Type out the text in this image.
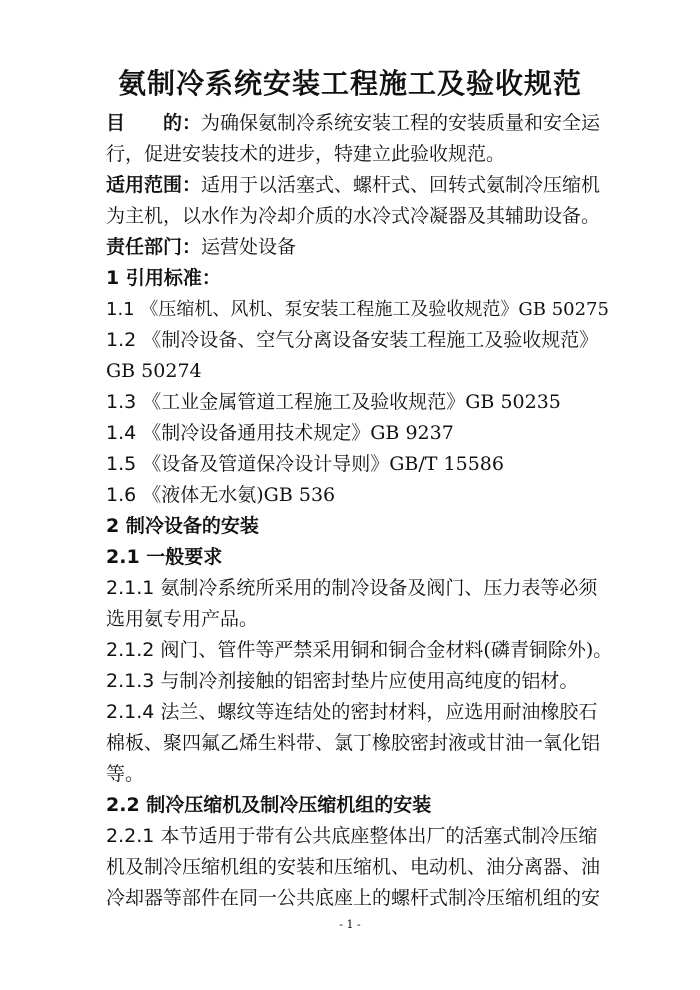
氨制冷系统安装工程施工及验收规范
目　　的：为确保氨制冷系统安装工程的安装质量和安全运
行，促进安装技术的进步，特建立此验收规范。
适用范围：适用于以活塞式、螺杆式、回转式氨制冷压缩机
为主机，以水作为冷却介质的水冷式冷凝器及其辅助设备。
责任部门：运营处设备
1 引用标准：
1.1 《压缩机、风机、泵安装工程施工及验收规范》GB 50275
1.2 《制冷设备、空气分离设备安装工程施工及验收规范》
GB 50274
1.3 《工业金属管道工程施工及验收规范》GB 50235
1.4 《制冷设备通用技术规定》GB 9237
1.5 《设备及管道保冷设计导则》GB/T 15586
1.6 《液体无水氨)GB 536
2 制冷设备的安装
2.1 一般要求
2.1.1 氨制冷系统所采用的制冷设备及阀门、压力表等必须
选用氨专用产品。
2.1.2 阀门、管件等严禁采用铜和铜合金材料(磷青铜除外)。
2.1.3 与制冷剂接触的铝密封垫片应使用高纯度的铝材。
2.1.4 法兰、螺纹等连结处的密封材料，应选用耐油橡胶石
棉板、聚四氟乙烯生料带、氯丁橡胶密封液或甘油一氧化铝
等。
2.2 制冷压缩机及制冷压缩机组的安装
2.2.1 本节适用于带有公共底座整体出厂的活塞式制冷压缩
机及制冷压缩机组的安装和压缩机、电动机、油分离器、油
冷却器等部件在同一公共底座上的螺杆式制冷压缩机组的安
- 1 -
